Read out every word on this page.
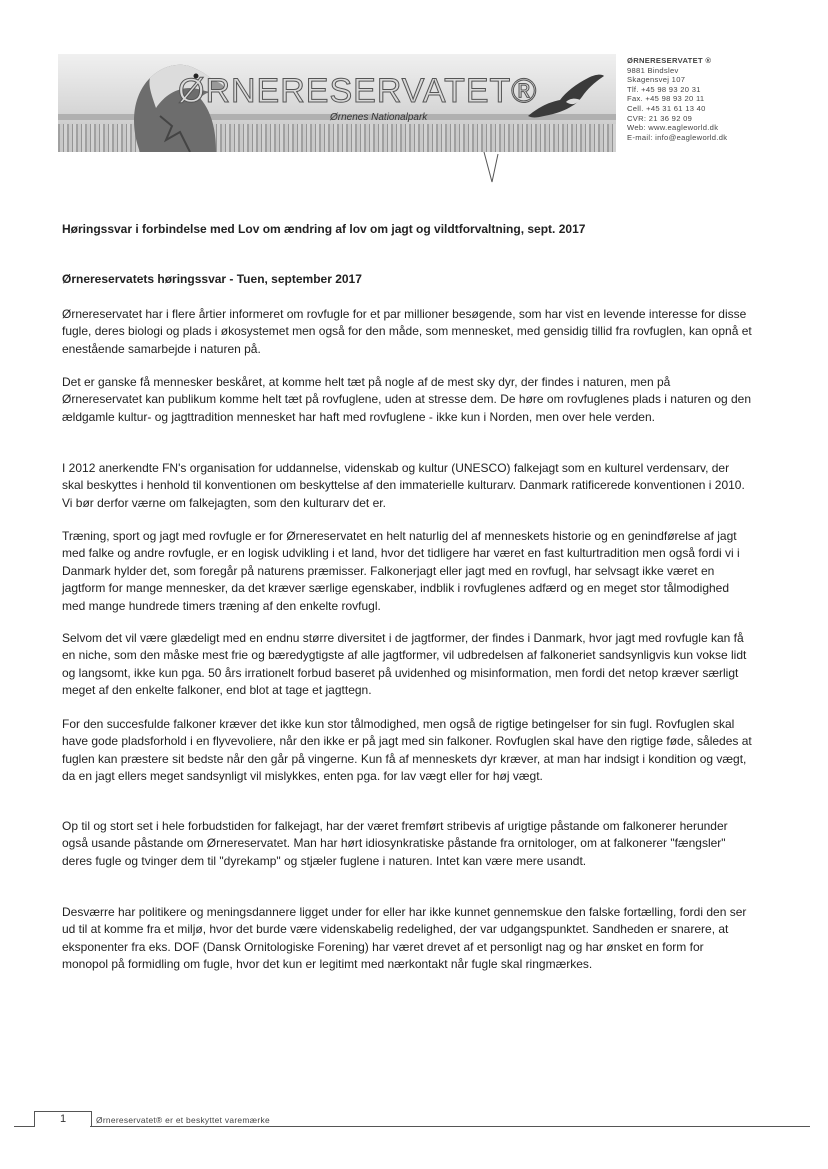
ØRNERESERVATET®
Ørnenes Nationalpark
ØRNERESERVATET ®
9881 Bindslev
Skagensvej 107
Tlf. +45 98 93 20 31
Fax. +45 98 93 20 11
Cell. +45 31 61 13 40
CVR: 21 36 92 09
Web: www.eagleworld.dk
E-mail: info@eagleworld.dk
Høringssvar i forbindelse med Lov om ændring af lov om jagt og vildtforvaltning, sept. 2017
Ørnereservatets høringssvar - Tuen, september 2017

Ørnereservatet har i flere årtier informeret om rovfugle for et par millioner besøgende, som har vist en levende interesse for disse fugle, deres biologi og plads i økosystemet men også for den måde, som mennesket, med gensidig tillid fra rovfuglen, kan opnå et enestående samarbejde i naturen på.

Det er ganske få mennesker beskåret, at komme helt tæt på nogle af de mest sky dyr, der findes i naturen, men på Ørnereservatet kan publikum komme helt tæt på rovfuglene, uden at stresse dem. De høre om rovfuglenes plads i naturen og den ældgamle kultur- og jagttradition mennesket har haft med rovfuglene - ikke kun i Norden, men over hele verden.

I 2012 anerkendte FN's organisation for uddannelse, videnskab og kultur (UNESCO) falkejagt som en kulturel verdensarv, der skal beskyttes i henhold til konventionen om beskyttelse af den immaterielle kulturarv. Danmark ratificerede konventionen i 2010. Vi bør derfor værne om falkejagten, som den kulturarv det er.

Træning, sport og jagt med rovfugle er for Ørnereservatet en helt naturlig del af menneskets historie og en genindførelse af jagt med falke og andre rovfugle, er en logisk udvikling i et land, hvor det tidligere har været en fast kulturtradition men også fordi vi i Danmark hylder det, som foregår på naturens præmisser. Falkonerjagt eller jagt med en rovfugl, har selvsagt ikke været en jagtform for mange mennesker, da det kræver særlige egenskaber, indblik i rovfuglenes adfærd og en meget stor tålmodighed med mange hundrede timers træning af den enkelte rovfugl.

Selvom det vil være glædeligt med en endnu større diversitet i de jagtformer, der findes i Danmark, hvor jagt med rovfugle kan få en niche, som den måske mest frie og bæredygtigste af alle jagtformer, vil udbredelsen af falkoneriet sandsynligvis kun vokse lidt og langsomt, ikke kun pga. 50 års irrationelt forbud baseret på uvidenhed og misinformation, men fordi det netop kræver særligt meget af den enkelte falkoner, end blot at tage et jagttegn.

For den succesfulde falkoner kræver det ikke kun stor tålmodighed, men også de rigtige betingelser for sin fugl. Rovfuglen skal have gode pladsforhold i en flyvevoliere, når den ikke er på jagt med sin falkoner. Rovfuglen skal have den rigtige føde, således at fuglen kan præstere sit bedste når den går på vingerne. Kun få af menneskets dyr kræver, at man har indsigt i kondition og vægt, da en jagt ellers meget sandsynligt vil mislykkes, enten pga. for lav vægt eller for høj vægt.

Op til og stort set i hele forbudstiden for falkejagt, har der været fremført stribevis af urigtige påstande om falkonerer herunder også usande påstande om Ørnereservatet. Man har hørt idiosynkratiske påstande fra ornitologer, om at falkonerer "fængsler" deres fugle og tvinger dem til "dyrekamp" og stjæler fuglene i naturen. Intet kan være mere usandt.

Desværre har politikere og meningsdannere ligget under for eller har ikke kunnet gennemskue den falske fortælling, fordi den ser ud til at komme fra et miljø, hvor det burde være videnskabelig redelighed, der var udgangspunktet. Sandheden er snarere, at eksponenter fra eks. DOF (Dansk Ornitologiske Forening) har været drevet af et personligt nag og har ønsket en form for monopol på formidling om fugle, hvor det kun er legitimt med nærkontakt når fugle skal ringmærkes.

1	Ørnereservatet® er et beskyttet varemærke
